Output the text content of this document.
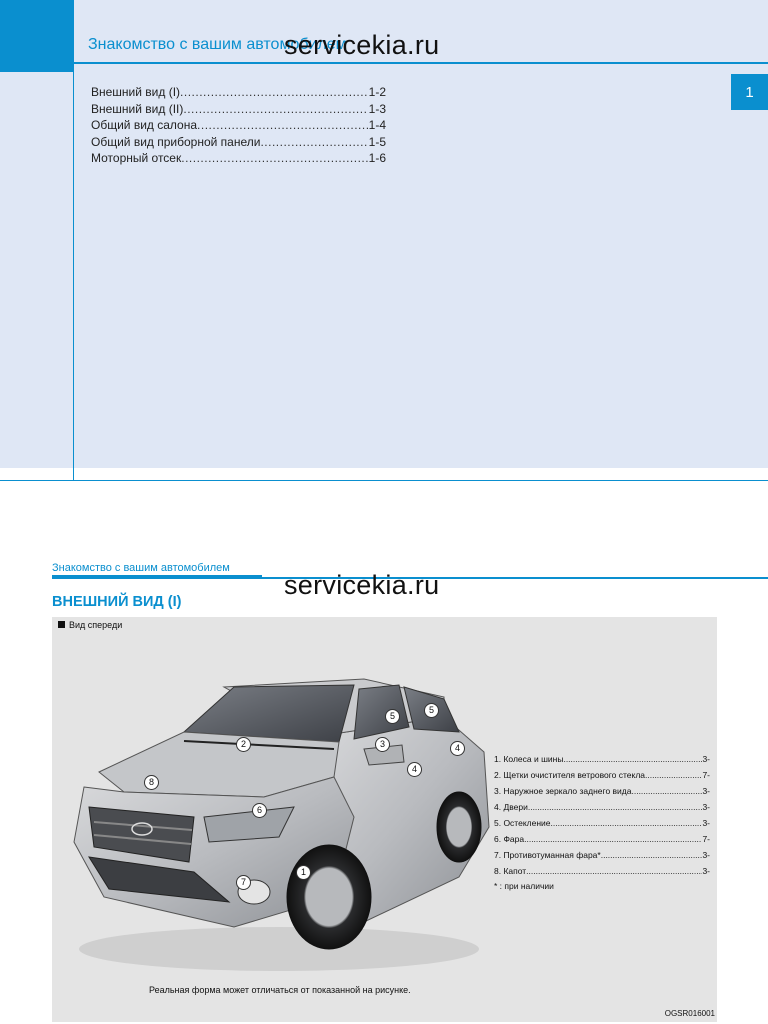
Знакомство с вашим автомобилем
1
Внешний вид (I) .....	1-2
Внешний вид (II) .....	1-3
Общий вид салона .....	1-4
Общий вид приборной панели .....	1-5
Моторный отсек .....	1-6
servicekia.ru
Знакомство с вашим автомобилем
servicekia.ru
ВНЕШНИЙ ВИД (I)
Вид спереди
1
2	3	4
4
5
5
6
7
8
1. Колеса и шины .....	3-
2. Щетки очистителя ветрового стекла .....	7-
3. Наружное зеркало заднего вида .....	3-
4. Двери .....	3-
5. Остекление .....	3-
6. Фара .....	7-
7. Противотуманная фара* .....	3-
8. Капот .....	3-
* : при наличии
Реальная форма может отличаться от показанной на рисунке.
OGSR016001
